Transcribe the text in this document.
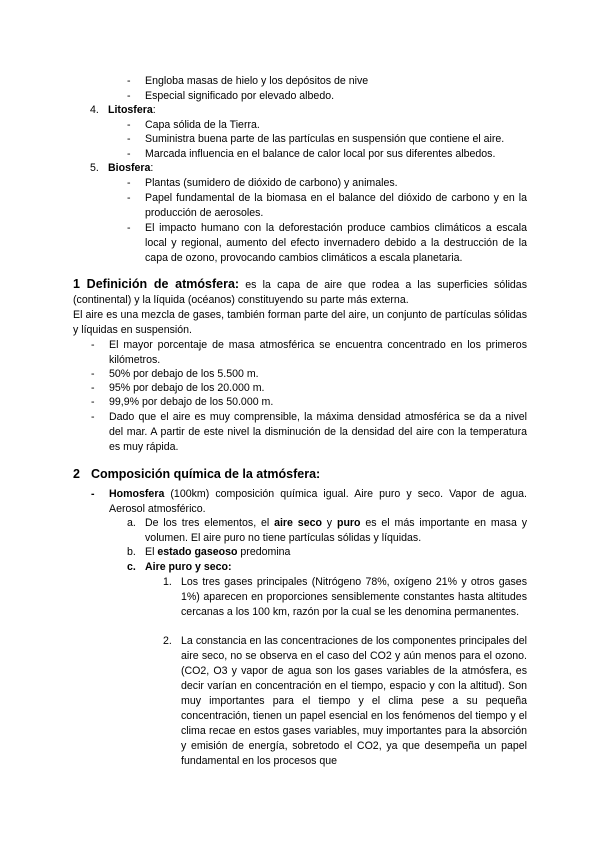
-	Engloba masas de hielo y los depósitos de nive
-	Especial significado por elevado albedo.
4. Litosfera:
-	Capa sólida de la Tierra.
-	Suministra buena parte de las partículas en suspensión que contiene el aire.
-	Marcada influencia en el balance de calor local por sus diferentes albedos.
5. Biosfera:
-	Plantas (sumidero de dióxido de carbono) y animales.
-	Papel fundamental de la biomasa en el balance del dióxido de carbono y en la producción de aerosoles.
-	El impacto humano con la deforestación produce cambios climáticos a escala local y regional, aumento del efecto invernadero debido a la destrucción de la capa de ozono, provocando cambios climáticos a escala planetaria.
1 Definición de atmósfera: es la capa de aire que rodea a las superficies sólidas (continental) y la líquida (océanos) constituyendo su parte más externa.
El aire es una mezcla de gases, también forman parte del aire, un conjunto de partículas sólidas y líquidas en suspensión.
-	El mayor porcentaje de masa atmosférica se encuentra concentrado en los primeros kilómetros.
-	50% por debajo de los 5.500 m.
-	95% por debajo de los 20.000 m.
-	99,9% por debajo de los 50.000 m.
-	Dado que el aire es muy comprensible, la máxima densidad atmosférica se da a nivel del mar. A partir de este nivel la disminución de la densidad del aire con la temperatura es muy rápida.
2 Composición química de la atmósfera:
-	Homosfera (100km) composición química igual. Aire puro y seco. Vapor de agua. Aerosol atmosférico.
a. De los tres elementos, el aire seco y puro es el más importante en masa y volumen. El aire puro no tiene partículas sólidas y líquidas.
b. El estado gaseoso predomina
c. Aire puro y seco:
1. Los tres gases principales (Nitrógeno 78%, oxígeno 21% y otros gases 1%) aparecen en proporciones sensiblemente constantes hasta altitudes cercanas a los 100 km, razón por la cual se les denomina permanentes.
2. La constancia en las concentraciones de los componentes principales del aire seco, no se observa en el caso del CO2 y aún menos para el ozono. (CO2, O3 y vapor de agua son los gases variables de la atmósfera, es decir varían en concentración en el tiempo, espacio y con la altitud). Son muy importantes para el tiempo y el clima pese a su pequeña concentración, tienen un papel esencial en los fenómenos del tiempo y el clima recae en estos gases variables, muy importantes para la absorción y emisión de energía, sobretodo el CO2, ya que desempeña un papel fundamental en los procesos que
